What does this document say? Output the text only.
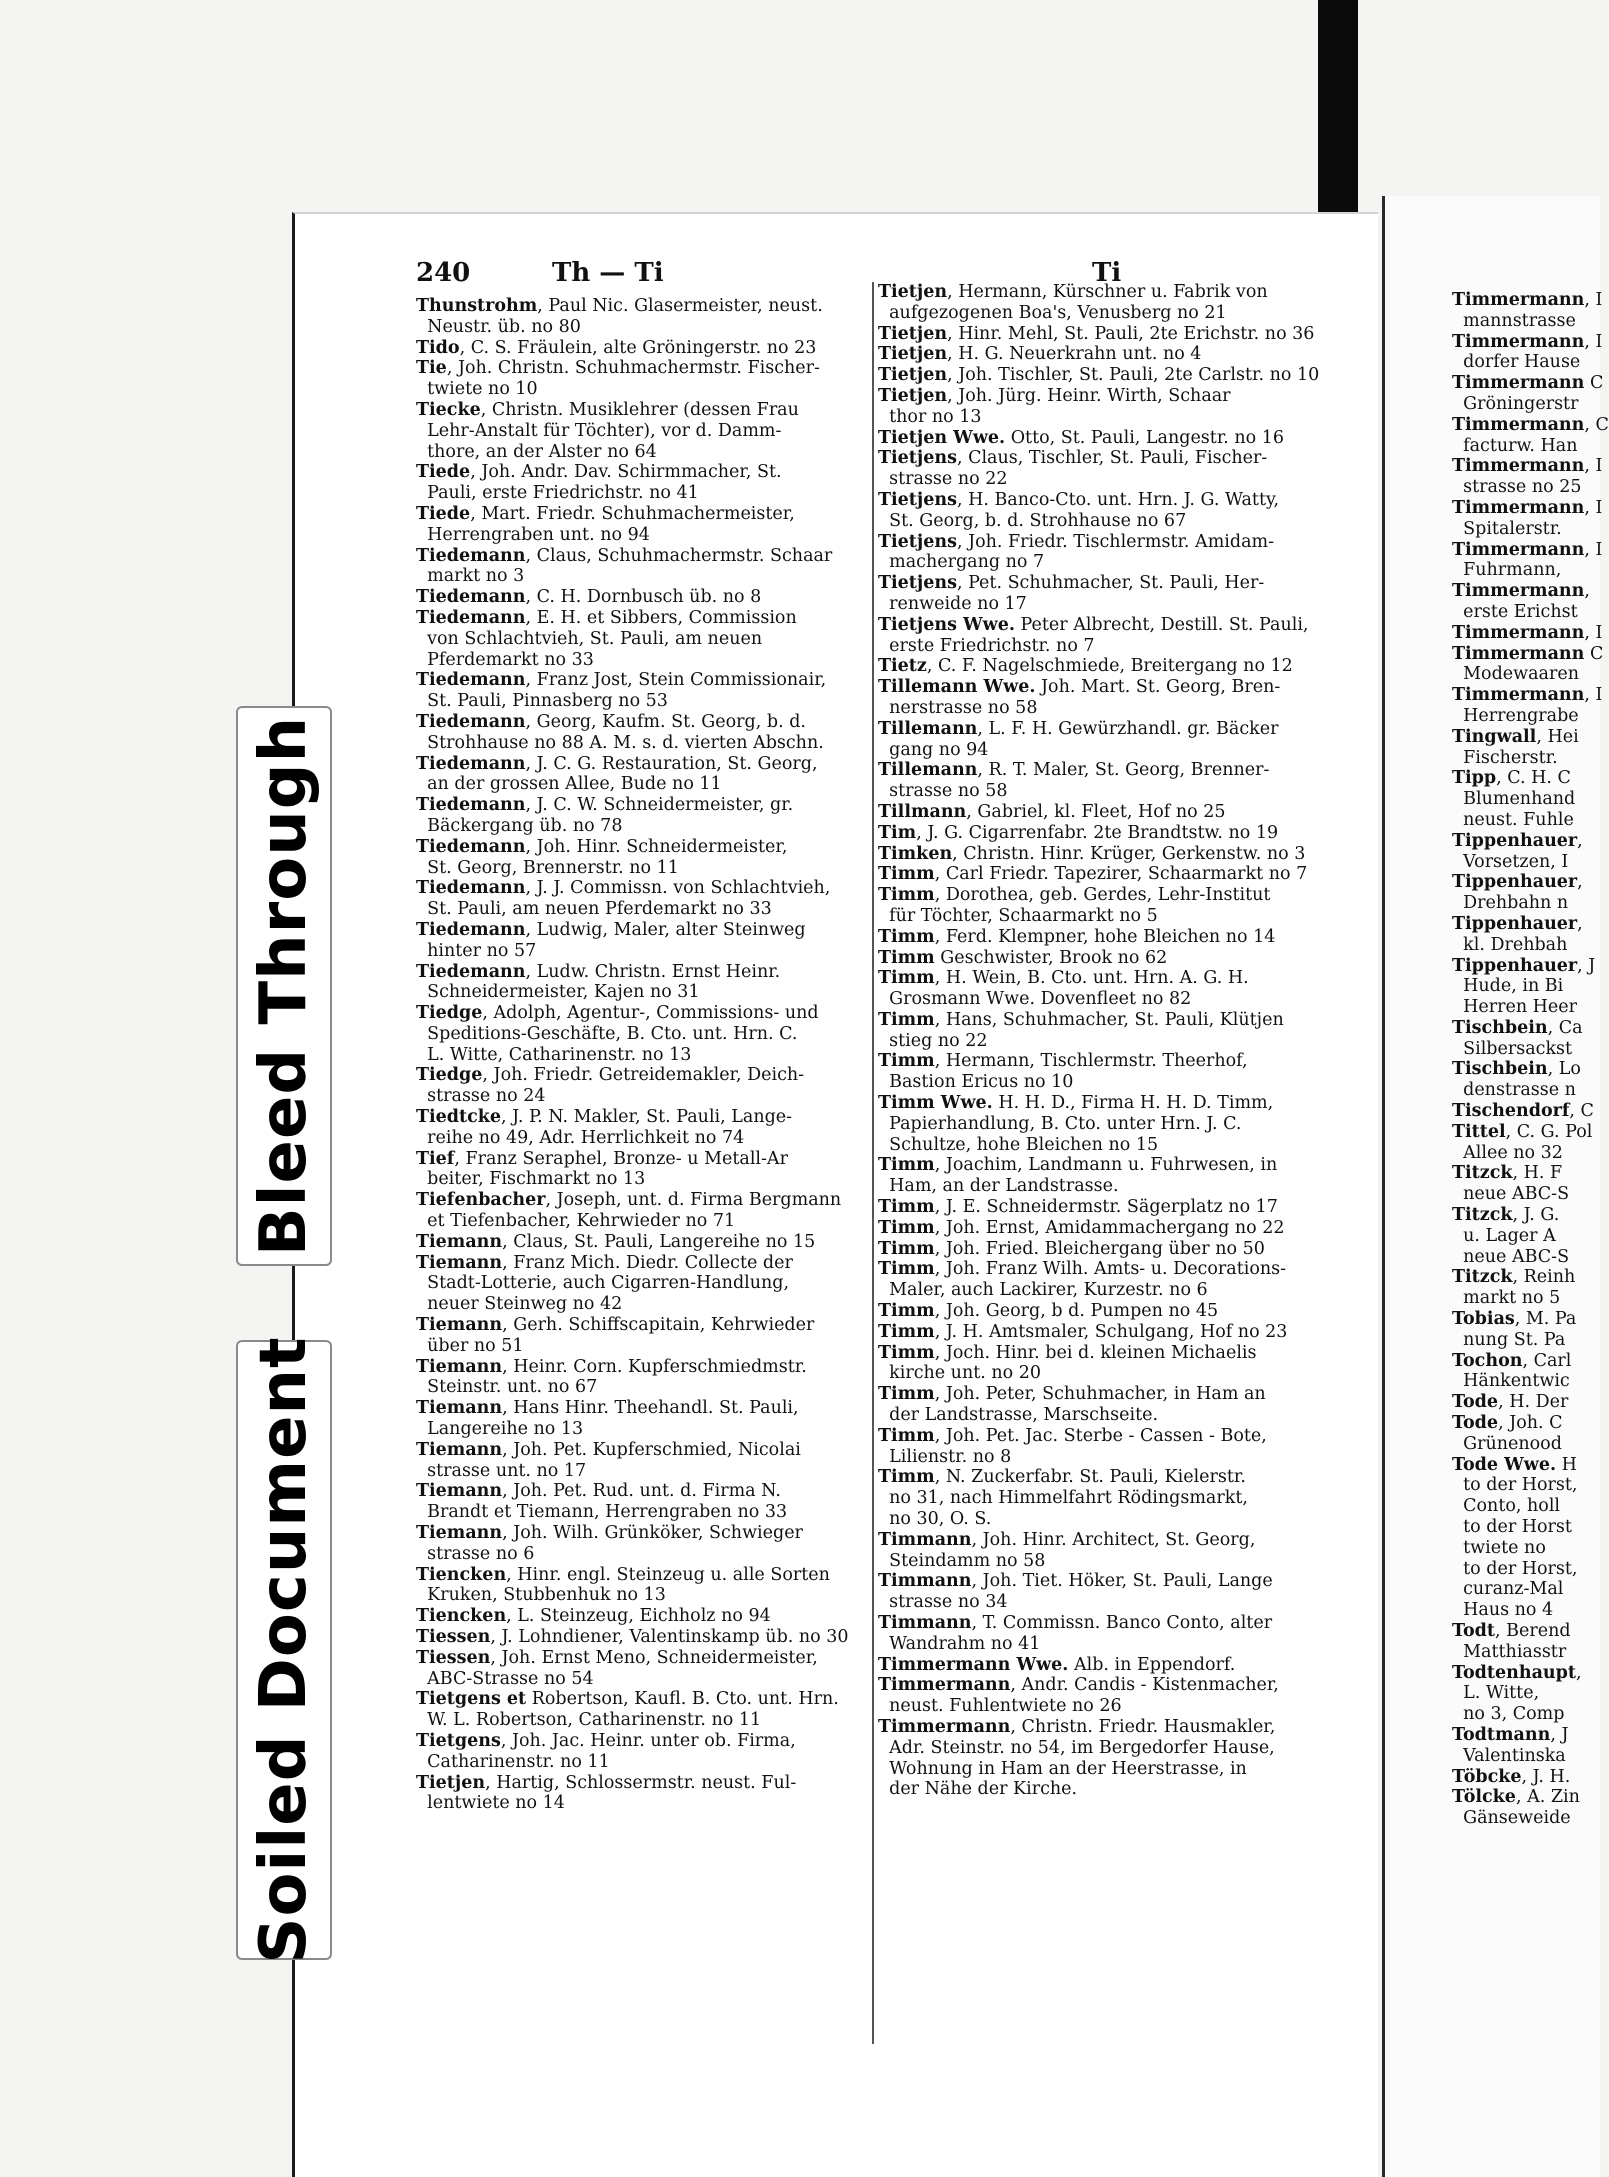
Bleed Through
Soiled Document
240	Th — Ti	Ti
Thunstrohm, Paul Nic. Glasermeister, neust.
Neustr. üb. no 80
Tido, C. S. Fräulein, alte Gröningerstr. no 23
Tie, Joh. Christn. Schuhmachermstr. Fischer-
twiete no 10
Tiecke, Christn. Musiklehrer (dessen Frau
Lehr-Anstalt für Töchter), vor d. Damm-
thore, an der Alster no 64
Tiede, Joh. Andr. Dav. Schirmmacher, St.
Pauli, erste Friedrichstr. no 41
Tiede, Mart. Friedr. Schuhmachermeister,
Herrengraben unt. no 94
Tiedemann, Claus, Schuhmachermstr. Schaar
markt no 3
Tiedemann, C. H. Dornbusch üb. no 8
Tiedemann, E. H. et Sibbers, Commission
von Schlachtvieh, St. Pauli, am neuen
Pferdemarkt no 33
Tiedemann, Franz Jost, Stein Commissionair,
St. Pauli, Pinnasberg no 53
Tiedemann, Georg, Kaufm. St. Georg, b. d.
Strohhause no 88 A. M. s. d. vierten Abschn.
Tiedemann, J. C. G. Restauration, St. Georg,
an der grossen Allee, Bude no 11
Tiedemann, J. C. W. Schneidermeister, gr.
Bäckergang üb. no 78
Tiedemann, Joh. Hinr. Schneidermeister,
St. Georg, Brennerstr. no 11
Tiedemann, J. J. Commissn. von Schlachtvieh,
St. Pauli, am neuen Pferdemarkt no 33
Tiedemann, Ludwig, Maler, alter Steinweg
hinter no 57
Tiedemann, Ludw. Christn. Ernst Heinr.
Schneidermeister, Kajen no 31
Tiedge, Adolph, Agentur-, Commissions- und
Speditions-Geschäfte, B. Cto. unt. Hrn. C.
L. Witte, Catharinenstr. no 13
Tiedge, Joh. Friedr. Getreidemakler, Deich-
strasse no 24
Tiedtcke, J. P. N. Makler, St. Pauli, Lange-
reihe no 49, Adr. Herrlichkeit no 74
Tief, Franz Seraphel, Bronze- u Metall-Ar
beiter, Fischmarkt no 13
Tiefenbacher, Joseph, unt. d. Firma Bergmann
et Tiefenbacher, Kehrwieder no 71
Tiemann, Claus, St. Pauli, Langereihe no 15
Tiemann, Franz Mich. Diedr. Collecte der
Stadt-Lotterie, auch Cigarren-Handlung,
neuer Steinweg no 42
Tiemann, Gerh. Schiffscapitain, Kehrwieder
über no 51
Tiemann, Heinr. Corn. Kupferschmiedmstr.
Steinstr. unt. no 67
Tiemann, Hans Hinr. Theehandl. St. Pauli,
Langereihe no 13
Tiemann, Joh. Pet. Kupferschmied, Nicolai
strasse unt. no 17
Tiemann, Joh. Pet. Rud. unt. d. Firma N.
Brandt et Tiemann, Herrengraben no 33
Tiemann, Joh. Wilh. Grünköker, Schwieger
strasse no 6
Tiencken, Hinr. engl. Steinzeug u. alle Sorten
Kruken, Stubbenhuk no 13
Tiencken, L. Steinzeug, Eichholz no 94
Tiessen, J. Lohndiener, Valentinskamp üb. no 30
Tiessen, Joh. Ernst Meno, Schneidermeister,
ABC-Strasse no 54
Tietgens et Robertson, Kaufl. B. Cto. unt. Hrn.
W. L. Robertson, Catharinenstr. no 11
Tietgens, Joh. Jac. Heinr. unter ob. Firma,
Catharinenstr. no 11
Tietjen, Hartig, Schlossermstr. neust. Ful-
lentwiete no 14
Tietjen, Hermann, Kürschner u. Fabrik von
aufgezogenen Boa's, Venusberg no 21
Tietjen, Hinr. Mehl, St. Pauli, 2te Erichstr. no 36
Tietjen, H. G. Neuerkrahn unt. no 4
Tietjen, Joh. Tischler, St. Pauli, 2te Carlstr. no 10
Tietjen, Joh. Jürg. Heinr. Wirth, Schaar
thor no 13
Tietjen Wwe. Otto, St. Pauli, Langestr. no 16
Tietjens, Claus, Tischler, St. Pauli, Fischer-
strasse no 22
Tietjens, H. Banco-Cto. unt. Hrn. J. G. Watty,
St. Georg, b. d. Strohhause no 67
Tietjens, Joh. Friedr. Tischlermstr. Amidam-
machergang no 7
Tietjens, Pet. Schuhmacher, St. Pauli, Her-
renweide no 17
Tietjens Wwe. Peter Albrecht, Destill. St. Pauli,
erste Friedrichstr. no 7
Tietz, C. F. Nagelschmiede, Breitergang no 12
Tillemann Wwe. Joh. Mart. St. Georg, Bren-
nerstrasse no 58
Tillemann, L. F. H. Gewürzhandl. gr. Bäcker
gang no 94
Tillemann, R. T. Maler, St. Georg, Brenner-
strasse no 58
Tillmann, Gabriel, kl. Fleet, Hof no 25
Tim, J. G. Cigarrenfabr. 2te Brandtstw. no 19
Timken, Christn. Hinr. Krüger, Gerkenstw. no 3
Timm, Carl Friedr. Tapezirer, Schaarmarkt no 7
Timm, Dorothea, geb. Gerdes, Lehr-Institut
für Töchter, Schaarmarkt no 5
Timm, Ferd. Klempner, hohe Bleichen no 14
Timm Geschwister, Brook no 62
Timm, H. Wein, B. Cto. unt. Hrn. A. G. H.
Grosmann Wwe. Dovenfleet no 82
Timm, Hans, Schuhmacher, St. Pauli, Klütjen
stieg no 22
Timm, Hermann, Tischlermstr. Theerhof,
Bastion Ericus no 10
Timm Wwe. H. H. D., Firma H. H. D. Timm,
Papierhandlung, B. Cto. unter Hrn. J. C.
Schultze, hohe Bleichen no 15
Timm, Joachim, Landmann u. Fuhrwesen, in
Ham, an der Landstrasse.
Timm, J. E. Schneidermstr. Sägerplatz no 17
Timm, Joh. Ernst, Amidammachergang no 22
Timm, Joh. Fried. Bleichergang über no 50
Timm, Joh. Franz Wilh. Amts- u. Decorations-
Maler, auch Lackirer, Kurzestr. no 6
Timm, Joh. Georg, b d. Pumpen no 45
Timm, J. H. Amtsmaler, Schulgang, Hof no 23
Timm, Joch. Hinr. bei d. kleinen Michaelis
kirche unt. no 20
Timm, Joh. Peter, Schuhmacher, in Ham an
der Landstrasse, Marschseite.
Timm, Joh. Pet. Jac. Sterbe - Cassen - Bote,
Lilienstr. no 8
Timm, N. Zuckerfabr. St. Pauli, Kielerstr.
no 31, nach Himmelfahrt Rödingsmarkt,
no 30, O. S.
Timmann, Joh. Hinr. Architect, St. Georg,
Steindamm no 58
Timmann, Joh. Tiet. Höker, St. Pauli, Lange
strasse no 34
Timmann, T. Commissn. Banco Conto, alter
Wandrahm no 41
Timmermann Wwe. Alb. in Eppendorf.
Timmermann, Andr. Candis - Kistenmacher,
neust. Fuhlentwiete no 26
Timmermann, Christn. Friedr. Hausmakler,
Adr. Steinstr. no 54, im Bergedorfer Hause,
Wohnung in Ham an der Heerstrasse, in
der Nähe der Kirche.
Timmermann, I
mannstrasse
Timmermann, I
dorfer Hause
Timmermann C
Gröningerstr
Timmermann, C
facturw. Han
Timmermann, I
strasse no 25
Timmermann, I
Spitalerstr.
Timmermann, I
Fuhrmann,
Timmermann,
erste Erichst
Timmermann, I
Timmermann C
Modewaaren
Timmermann, I
Herrengrabe
Tingwall, Hei
Fischerstr.
Tipp, C. H. C
Blumenhand
neust. Fuhle
Tippenhauer,
Vorsetzen, I
Tippenhauer,
Drehbahn n
Tippenhauer,
kl. Drehbah
Tippenhauer, J
Hude, in Bi
Herren Heer
Tischbein, Ca
Silbersackst
Tischbein, Lo
denstrasse n
Tischendorf, C
Tittel, C. G. Pol
Allee no 32
Titzck, H. F
neue ABC-S
Titzck, J. G.
u. Lager A
neue ABC-S
Titzck, Reinh
markt no 5
Tobias, M. Pa
nung St. Pa
Tochon, Carl
Hänkentwic
Tode, H. Der
Tode, Joh. C
Grünenood
Tode Wwe. H
to der Horst,
Conto, holl
to der Horst
twiete no
to der Horst,
curanz-Mal
Haus no 4
Todt, Berend
Matthiasstr
Todtenhaupt,
L. Witte,
no 3, Comp
Todtmann, J
Valentinska
Töbcke, J. H.
Tölcke, A. Zin
Gänseweide
